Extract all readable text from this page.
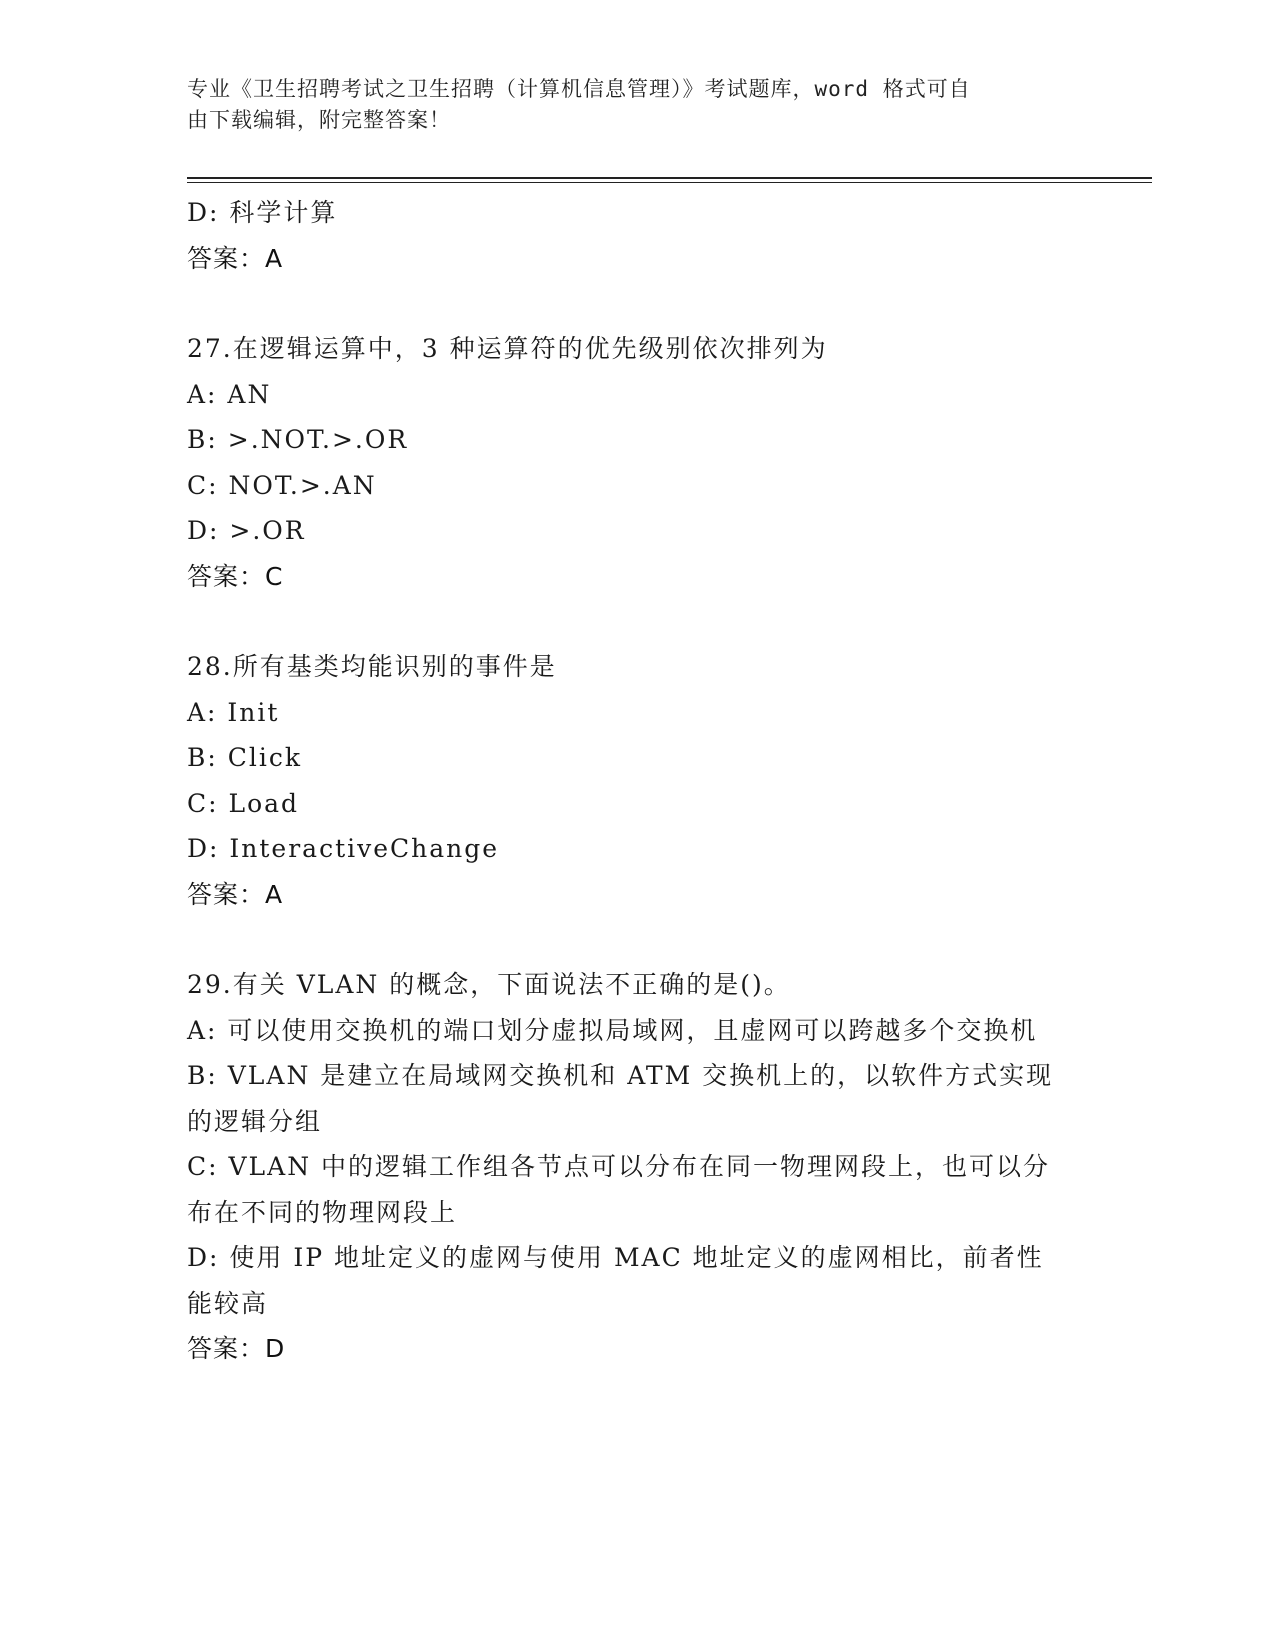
专业《卫生招聘考试之卫生招聘（计算机信息管理）》考试题库，word 格式可自
由下载编辑，附完整答案！
D: 科学计算
答案：A
27.在逻辑运算中，3 种运算符的优先级别依次排列为
A: AN
B: >.NOT.>.OR
C: NOT.>.AN
D: >.OR
答案：C
28.所有基类均能识别的事件是
A: Init
B: Click
C: Load
D: InteractiveChange
答案：A
29.有关 VLAN 的概念，下面说法不正确的是()。
A: 可以使用交换机的端口划分虚拟局域网，且虚网可以跨越多个交换机
B: VLAN 是建立在局域网交换机和 ATM 交换机上的，以软件方式实现的逻辑分组
C: VLAN 中的逻辑工作组各节点可以分布在同一物理网段上，也可以分布在不同的物理网段上
D: 使用 IP 地址定义的虚网与使用 MAC 地址定义的虚网相比，前者性能较高
答案：D
